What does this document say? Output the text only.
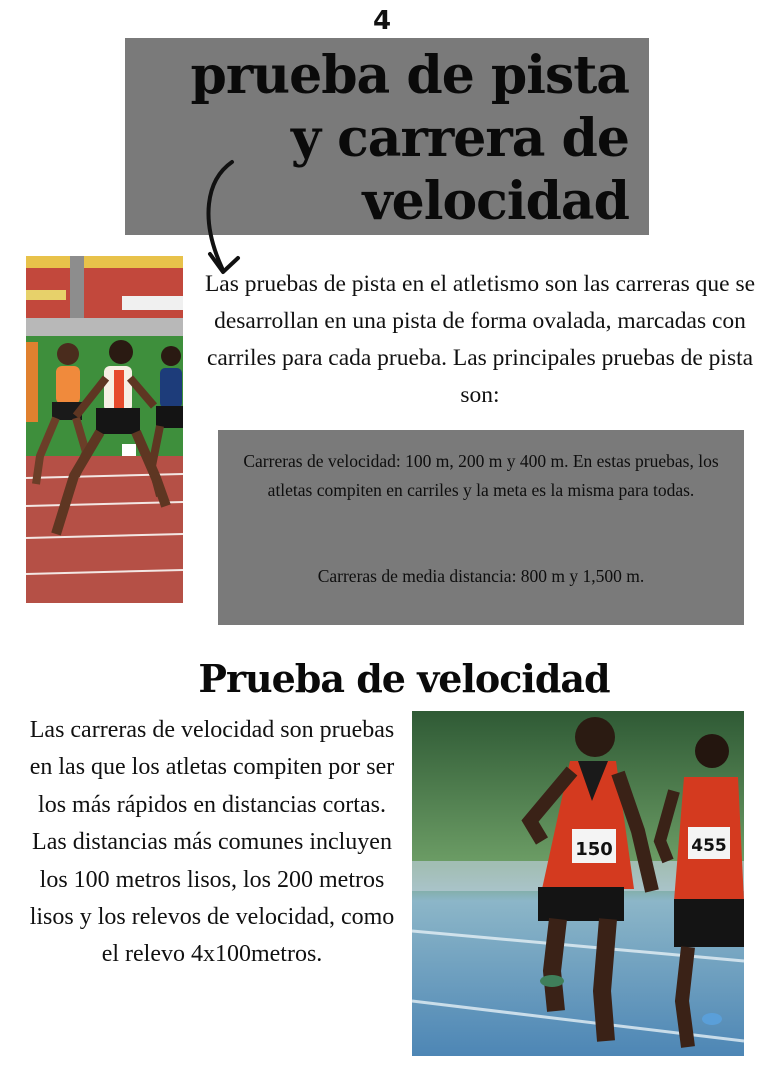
4
prueba de pista
y carrera de
velocidad
Las pruebas de pista en el atletismo son las carreras que se desarrollan en una pista de forma ovalada, marcadas con carriles para cada prueba. Las principales pruebas de pista son:
Carreras de velocidad: 100 m, 200 m y 400 m. En estas pruebas, los atletas compiten en carriles y la meta es la misma para todas.
Carreras de media distancia: 800 m y 1,500 m.
Prueba de velocidad
Las carreras de velocidad son pruebas en las que los atletas compiten por ser los más rápidos en distancias cortas. Las distancias más comunes incluyen los 100 metros lisos, los 200 metros lisos y los relevos de velocidad, como el relevo 4x100metros.
150	455
